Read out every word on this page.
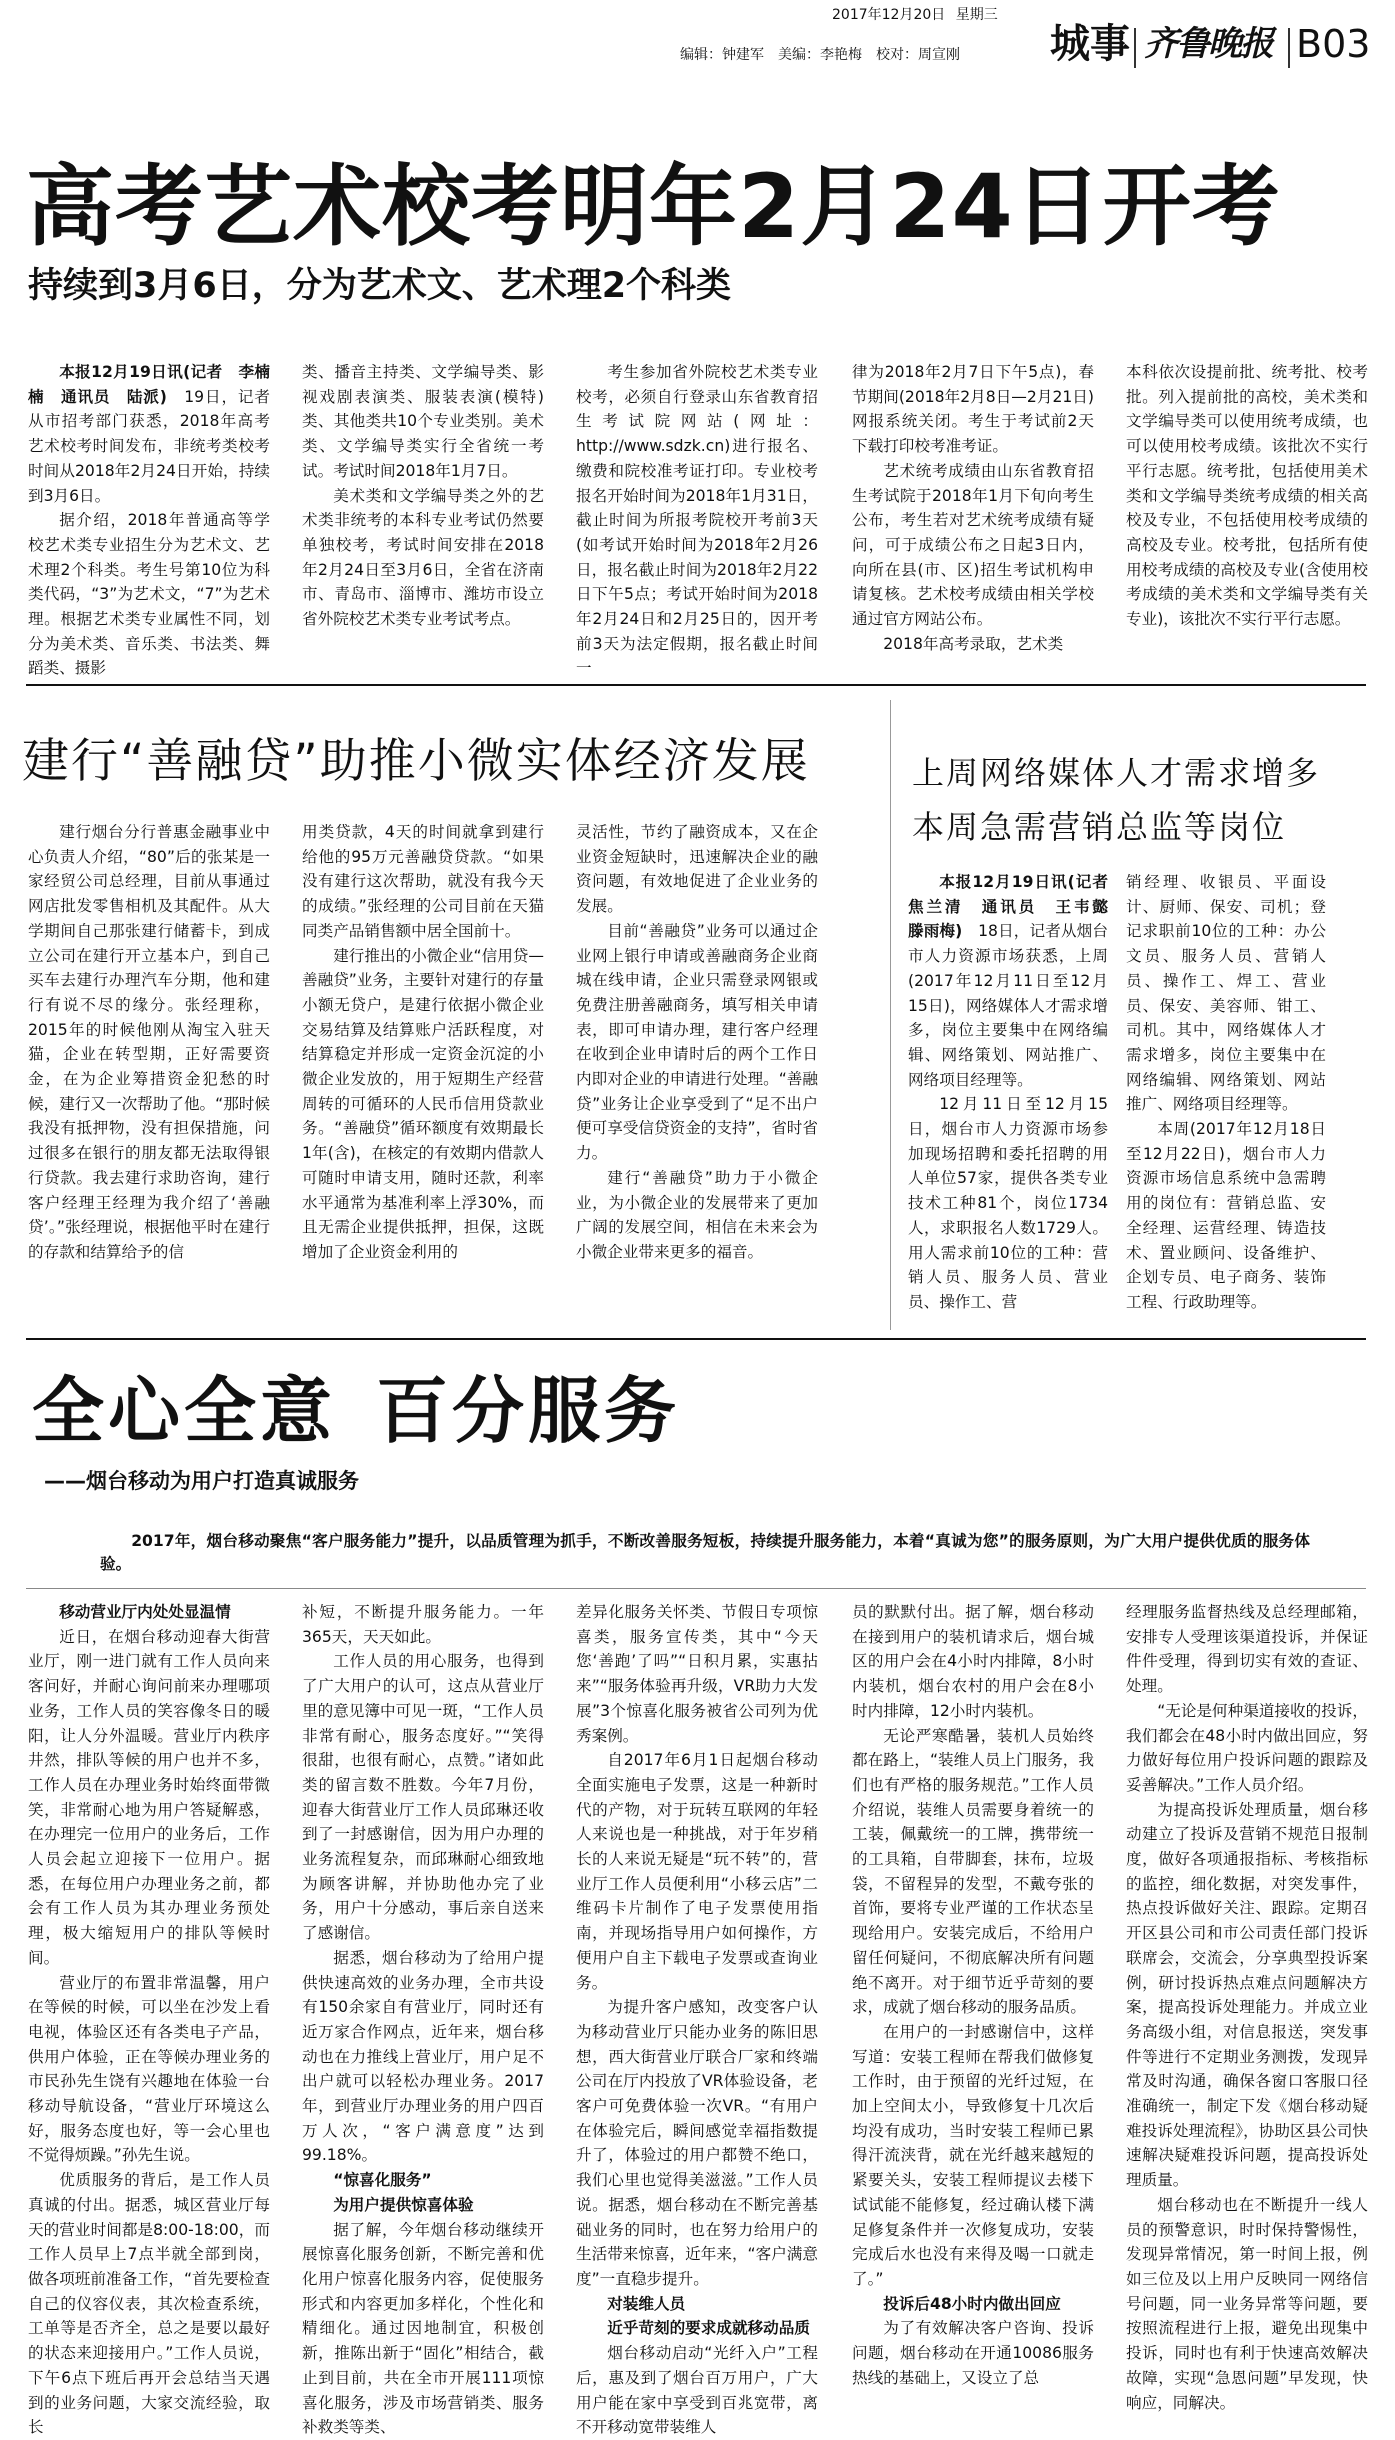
2017年12月20日 星期三
编辑：钟建军　美编：李艳梅　校对：周宣刚	城事 齐鲁晚报 B03
高考艺术校考明年2月24日开考
持续到3月6日，分为艺术文、艺术理2个科类

本报12月19日讯(记者　李楠楠　通讯员　陆派)　19日，记者从市招考部门获悉，2018年高考艺术校考时间发布，非统考类校考时间从2018年2月24日开始，持续到3月6日。

据介绍，2018年普通高等学校艺术类专业招生分为艺术文、艺术理2个科类。考生号第10位为科类代码，“3”为艺术文，“7”为艺术理。根据艺术类专业属性不同，划分为美术类、音乐类、书法类、舞蹈类、摄影

类、播音主持类、文学编导类、影视戏剧表演类、服装表演(模特)类、其他类共10个专业类别。美术类、文学编导类实行全省统一考试。考试时间2018年1月7日。

美术类和文学编导类之外的艺术类非统考的本科专业考试仍然要单独校考，考试时间安排在2018年2月24日至3月6日，全省在济南市、青岛市、淄博市、潍坊市设立省外院校艺术类专业考试考点。

考生参加省外院校艺术类专业校考，必须自行登录山东省教育招生考试院网站(网址：http://www.sdzk.cn)进行报名、缴费和院校准考证打印。专业校考报名开始时间为2018年1月31日，截止时间为所报考院校开考前3天(如考试开始时间为2018年2月26日，报名截止时间为2018年2月22日下午5点；考试开始时间为2018年2月24日和2月25日的，因开考前3天为法定假期，报名截止时间一

律为2018年2月7日下午5点)，春节期间(2018年2月8日—2月21日)网报系统关闭。考生于考试前2天下载打印校考准考证。

艺术统考成绩由山东省教育招生考试院于2018年1月下旬向考生公布，考生若对艺术统考成绩有疑问，可于成绩公布之日起3日内，向所在县(市、区)招生考试机构申请复核。艺术校考成绩由相关学校通过官方网站公布。

2018年高考录取，艺术类

本科依次设提前批、统考批、校考批。列入提前批的高校，美术类和文学编导类可以使用统考成绩，也可以使用校考成绩。该批次不实行平行志愿。统考批，包括使用美术类和文学编导类统考成绩的相关高校及专业，不包括使用校考成绩的高校及专业。校考批，包括所有使用校考成绩的高校及专业(含使用校考成绩的美术类和文学编导类有关专业)，该批次不实行平行志愿。

建行“善融贷”助推小微实体经济发展

建行烟台分行普惠金融事业中心负责人介绍，“80”后的张某是一家经贸公司总经理，目前从事通过网店批发零售相机及其配件。从大学期间自己那张建行储蓄卡，到成立公司在建行开立基本户，到自己买车去建行办理汽车分期，他和建行有说不尽的缘分。张经理称，2015年的时候他刚从淘宝入驻天猫，企业在转型期，正好需要资金，在为企业筹措资金犯愁的时候，建行又一次帮助了他。“那时候我没有抵押物，没有担保措施，问过很多在银行的朋友都无法取得银行贷款。我去建行求助咨询，建行客户经理王经理为我介绍了‘善融贷’。”张经理说，根据他平时在建行的存款和结算给予的信

用类贷款，4天的时间就拿到建行给他的95万元善融贷贷款。“如果没有建行这次帮助，就没有我今天的成绩。”张经理的公司目前在天猫同类产品销售额中居全国前十。

建行推出的小微企业“信用贷—善融贷”业务，主要针对建行的存量小额无贷户，是建行依据小微企业交易结算及结算账户活跃程度，对结算稳定并形成一定资金沉淀的小微企业发放的，用于短期生产经营周转的可循环的人民币信用贷款业务。“善融贷”循环额度有效期最长1年(含)，在核定的有效期内借款人可随时申请支用，随时还款，利率水平通常为基准利率上浮30%，而且无需企业提供抵押，担保，这既增加了企业资金利用的

灵活性，节约了融资成本，又在企业资金短缺时，迅速解决企业的融资问题，有效地促进了企业业务的发展。

目前“善融贷”业务可以通过企业网上银行申请或善融商务企业商城在线申请，企业只需登录网银或免费注册善融商务，填写相关申请表，即可申请办理，建行客户经理在收到企业申请时后的两个工作日内即对企业的申请进行处理。“善融贷”业务让企业享受到了“足不出户便可享受信贷资金的支持”，省时省力。

建行“善融贷”助力于小微企业，为小微企业的发展带来了更加广阔的发展空间，相信在未来会为小微企业带来更多的福音。

上周网络媒体人才需求增多
本周急需营销总监等岗位

本报12月19日讯(记者　焦兰清　通讯员　王韦懿　滕雨梅)　18日，记者从烟台市人力资源市场获悉，上周(2017年12月11日至12月15日)，网络媒体人才需求增多，岗位主要集中在网络编辑、网络策划、网站推广、网络项目经理等。

12月11日至12月15日，烟台市人力资源市场参加现场招聘和委托招聘的用人单位57家，提供各类专业技术工种81个，岗位1734人，求职报名人数1729人。用人需求前10位的工种：营销人员、服务人员、营业员、操作工、营

销经理、收银员、平面设计、厨师、保安、司机；登记求职前10位的工种：办公文员、服务人员、营销人员、操作工、焊工、营业员、保安、美容师、钳工、司机。其中，网络媒体人才需求增多，岗位主要集中在网络编辑、网络策划、网站推广、网络项目经理等。

本周(2017年12月18日至12月22日)，烟台市人力资源市场信息系统中急需聘用的岗位有：营销总监、安全经理、运营经理、铸造技术、置业顾问、设备维护、企划专员、电子商务、装饰工程、行政助理等。

全心全意 百分服务
——烟台移动为用户打造真诚服务
2017年，烟台移动聚焦“客户服务能力”提升，以品质管理为抓手，不断改善服务短板，持续提升服务能力，本着“真诚为您”的服务原则，为广大用户提供优质的服务体验。

移动营业厅内处处显温情

近日，在烟台移动迎春大街营业厅，刚一进门就有工作人员向来客问好，并耐心询问前来办理哪项业务，工作人员的笑容像冬日的暖阳，让人分外温暖。营业厅内秩序井然，排队等候的用户也并不多，工作人员在办理业务时始终面带微笑，非常耐心地为用户答疑解惑，在办理完一位用户的业务后，工作人员会起立迎接下一位用户。据悉，在每位用户办理业务之前，都会有工作人员为其办理业务预处理，极大缩短用户的排队等候时间。

营业厅的布置非常温馨，用户在等候的时候，可以坐在沙发上看电视，体验区还有各类电子产品，供用户体验，正在等候办理业务的市民孙先生饶有兴趣地在体验一台移动导航设备，“营业厅环境这么好，服务态度也好，等一会心里也不觉得烦躁。”孙先生说。

优质服务的背后，是工作人员真诚的付出。据悉，城区营业厅每天的营业时间都是8:00-18:00，而工作人员早上7点半就全部到岗，做各项班前准备工作，“首先要检查自己的仪容仪表，其次检查系统，工单等是否齐全，总之是要以最好的状态来迎接用户。”工作人员说，下午6点下班后再开会总结当天遇到的业务问题，大家交流经验，取长

补短，不断提升服务能力。一年365天，天天如此。

工作人员的用心服务，也得到了广大用户的认可，这点从营业厅里的意见簿中可见一斑，“工作人员非常有耐心，服务态度好。”“笑得很甜，也很有耐心，点赞。”诸如此类的留言数不胜数。今年7月份，迎春大街营业厅工作人员邱琳还收到了一封感谢信，因为用户办理的业务流程复杂，而邱琳耐心细致地为顾客讲解，并协助他办完了业务，用户十分感动，事后亲自送来了感谢信。

据悉，烟台移动为了给用户提供快速高效的业务办理，全市共设有150余家自有营业厅，同时还有近万家合作网点，近年来，烟台移动也在力推线上营业厅，用户足不出户就可以轻松办理业务。2017年，到营业厅办理业务的用户四百万人次，“客户满意度”达到99.18%。

“惊喜化服务”

为用户提供惊喜体验

据了解，今年烟台移动继续开展惊喜化服务创新，不断完善和优化用户惊喜化服务内容，促使服务形式和内容更加多样化，个性化和精细化。通过因地制宜，积极创新，推陈出新于“固化”相结合，截止到目前，共在全市开展111项惊喜化服务，涉及市场营销类、服务补救类等类、

差异化服务关怀类、节假日专项惊喜类，服务宣传类，其中“今天您‘善跑’了吗”“日积月累，实惠拈来”“服务体验再升级，VR助力大发展”3个惊喜化服务被省公司列为优秀案例。

自2017年6月1日起烟台移动全面实施电子发票，这是一种新时代的产物，对于玩转互联网的年轻人来说也是一种挑战，对于年岁稍长的人来说无疑是“玩不转”的，营业厅工作人员便利用“小移云店”二维码卡片制作了电子发票使用指南，并现场指导用户如何操作，方便用户自主下载电子发票或查询业务。

为提升客户感知，改变客户认为移动营业厅只能办业务的陈旧思想，西大街营业厅联合厂家和终端公司在厅内投放了VR体验设备，老客户可免费体验一次VR。“有用户在体验完后，瞬间感觉幸福指数提升了，体验过的用户都赞不绝口，我们心里也觉得美滋滋。”工作人员说。据悉，烟台移动在不断完善基础业务的同时，也在努力给用户的生活带来惊喜，近年来，“客户满意度”一直稳步提升。

对装维人员

近乎苛刻的要求成就移动品质

烟台移动启动“光纤入户”工程后，惠及到了烟台百万用户，广大用户能在家中享受到百兆宽带，离不开移动宽带装维人

员的默默付出。据了解，烟台移动在接到用户的装机请求后，烟台城区的用户会在4小时内排障，8小时内装机，烟台农村的用户会在8小时内排障，12小时内装机。

无论严寒酷暑，装机人员始终都在路上，“装维人员上门服务，我们也有严格的服务规范。”工作人员介绍说，装维人员需要身着统一的工装，佩戴统一的工牌，携带统一的工具箱，自带脚套，抹布，垃圾袋，不留程异的发型，不戴夸张的首饰，要将专业严谨的工作状态呈现给用户。安装完成后，不给用户留任何疑问，不彻底解决所有问题绝不离开。对于细节近乎苛刻的要求，成就了烟台移动的服务品质。

在用户的一封感谢信中，这样写道：安装工程师在帮我们做修复工作时，由于预留的光纤过短，在加上空间太小，导致修复十几次后均没有成功，当时安装工程师已累得汗流浃背，就在光纤越来越短的紧要关头，安装工程师提议去楼下试试能不能修复，经过确认楼下满足修复条件并一次修复成功，安装完成后水也没有来得及喝一口就走了。”

投诉后48小时内做出回应

为了有效解决客户咨询、投诉问题，烟台移动在开通10086服务热线的基础上，又设立了总

经理服务监督热线及总经理邮箱，安排专人受理该渠道投诉，并保证件件受理，得到切实有效的查证、处理。

“无论是何种渠道接收的投诉，我们都会在48小时内做出回应，努力做好每位用户投诉问题的跟踪及妥善解决。”工作人员介绍。

为提高投诉处理质量，烟台移动建立了投诉及营销不规范日报制度，做好各项通报指标、考核指标的监控，细化数据，对突发事件，热点投诉做好关注、跟踪。定期召开区县公司和市公司责任部门投诉联席会，交流会，分享典型投诉案例，研讨投诉热点难点问题解决方案，提高投诉处理能力。并成立业务高级小组，对信息报送，突发事件等进行不定期业务测拨，发现异常及时沟通，确保各窗口客服口径准确统一，制定下发《烟台移动疑难投诉处理流程》，协助区县公司快速解决疑难投诉问题，提高投诉处理质量。

烟台移动也在不断提升一线人员的预警意识，时时保持警惕性，发现异常情况，第一时间上报，例如三位及以上用户反映同一网络信号问题，同一业务异常等问题，要按照流程进行上报，避免出现集中投诉，同时也有利于快速高效解决故障，实现“急恩问题”早发现，快响应，同解决。
